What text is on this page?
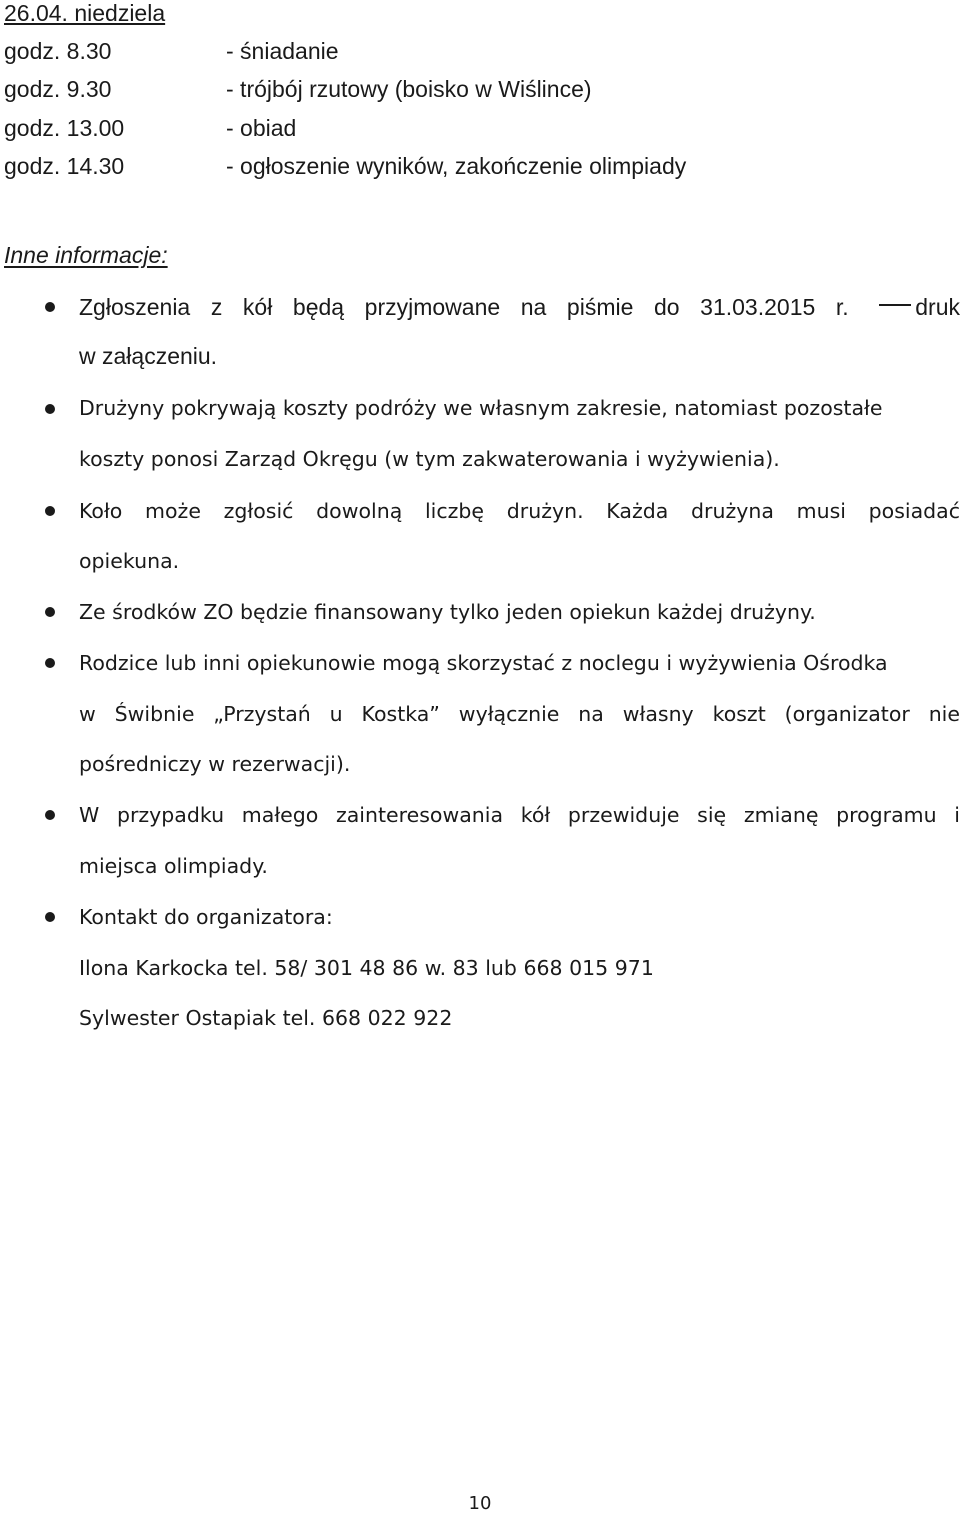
26.04. niedziela
godz. 8.30	- śniadanie
godz. 9.30	- trójbój rzutowy (boisko w Wiślince)
godz. 13.00	- obiad
godz. 14.30	- ogłoszenie wyników, zakończenie olimpiady
Inne informacje:
Zgłoszenia z kół będą przyjmowane na piśmie do 31.03.2015 r.	druk
w załączeniu.
Drużyny pokrywają koszty podróży we własnym zakresie, natomiast pozostałe
koszty ponosi Zarząd Okręgu (w tym zakwaterowania i wyżywienia).
Koło może zgłosić dowolną liczbę drużyn. Każda drużyna musi posiadać
opiekuna.
Ze środków ZO będzie finansowany tylko jeden opiekun każdej drużyny.
Rodzice lub inni opiekunowie mogą skorzystać z noclegu i wyżywienia Ośrodka
w Świbnie „Przystań u Kostka” wyłącznie na własny koszt (organizator nie
pośredniczy w rezerwacji).
W przypadku małego zainteresowania kół przewiduje się zmianę programu i
miejsca olimpiady.
Kontakt do organizatora:
Ilona Karkocka tel. 58/ 301 48 86 w. 83 lub 668 015 971
Sylwester Ostapiak tel. 668 022 922
10
